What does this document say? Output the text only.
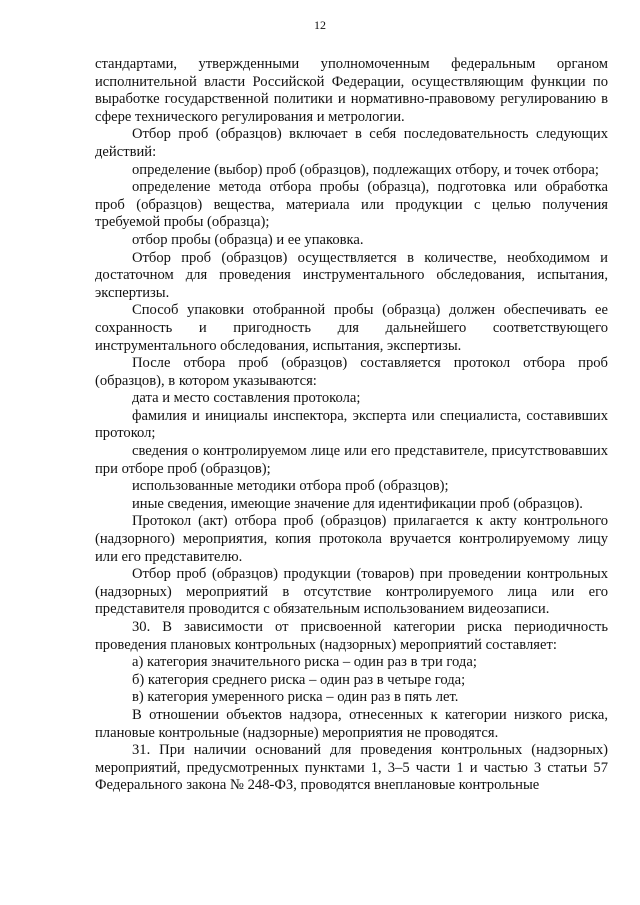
12

стандартами, утвержденными уполномоченным федеральным органом исполнительной власти Российской Федерации, осуществляющим функции по выработке государственной политики и нормативно-правовому регулированию в сфере технического регулирования и метрологии.

Отбор проб (образцов) включает в себя последовательность следующих действий:

определение (выбор) проб (образцов), подлежащих отбору, и точек отбора;

определение метода отбора пробы (образца), подготовка или обработка проб (образцов) вещества, материала или продукции с целью получения требуемой пробы (образца);

отбор пробы (образца) и ее упаковка.

Отбор проб (образцов) осуществляется в количестве, необходимом и достаточном для проведения инструментального обследования, испытания, экспертизы.

Способ упаковки отобранной пробы (образца) должен обеспечивать ее сохранность и пригодность для дальнейшего соответствующего инструментального обследования, испытания, экспертизы.

После отбора проб (образцов) составляется протокол отбора проб (образцов), в котором указываются:

дата и место составления протокола;

фамилия и инициалы инспектора, эксперта или специалиста, составивших протокол;

сведения о контролируемом лице или его представителе, присутствовавших при отборе проб (образцов);

использованные методики отбора проб (образцов);

иные сведения, имеющие значение для идентификации проб (образцов).

Протокол (акт) отбора проб (образцов) прилагается к акту контрольного (надзорного) мероприятия, копия протокола вручается контролируемому лицу или его представителю.

Отбор проб (образцов) продукции (товаров) при проведении контрольных (надзорных) мероприятий в отсутствие контролируемого лица или его представителя проводится с обязательным использованием видеозаписи.

30. В зависимости от присвоенной категории риска периодичность проведения плановых контрольных (надзорных) мероприятий составляет:

а) категория значительного риска – один раз в три года;

б) категория среднего риска – один раз в четыре года;

в) категория умеренного риска – один раз в пять лет.

В отношении объектов надзора, отнесенных к категории низкого риска, плановые контрольные (надзорные) мероприятия не проводятся.

31. При наличии оснований для проведения контрольных (надзорных) мероприятий, предусмотренных пунктами 1, 3–5 части 1 и частью 3 статьи 57 Федерального закона № 248-ФЗ, проводятся внеплановые контрольные
